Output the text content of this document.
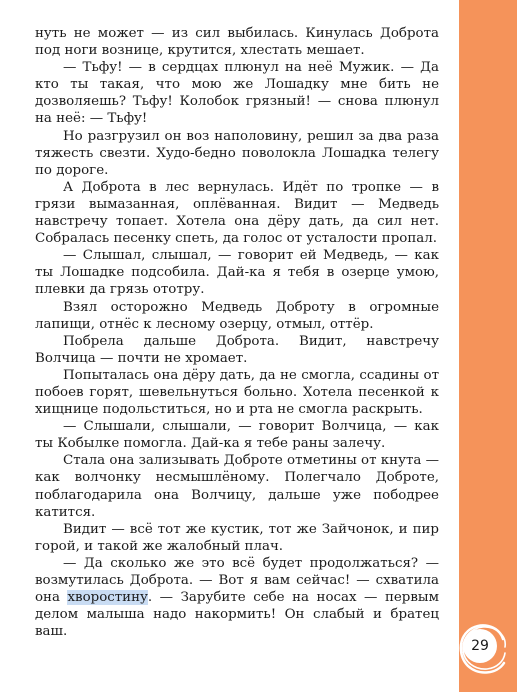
нуть не может — из сил выбилась. Кинулась Доброта под ноги вознице, крутится, хлестать мешает.

— Тьфу! — в сердцах плюнул на неё Мужик. — Да кто ты такая, что мою же Лошадку мне бить не дозволяешь? Тьфу! Колобок грязный! — снова плюнул на неё: — Тьфу!

Но разгрузил он воз наполовину, решил за два раза тяжесть свезти. Худо-бедно поволокла Лошадка телегу по дороге.

А Доброта в лес вернулась. Идёт по тропке — в грязи вымазанная, оплёванная. Видит — Медведь навстречу топает. Хотела она дёру дать, да сил нет. Собралась песенку спеть, да голос от усталости пропал.

— Слышал, слышал, — говорит ей Медведь, — как ты Лошадке подсобила. Дай-ка я тебя в озерце умою, плевки да грязь ототру.

Взял осторожно Медведь Доброту в огромные лапищи, отнёс к лесному озерцу, отмыл, оттёр.

Побрела дальше Доброта. Видит, навстречу Волчица — почти не хромает.

Попыталась она дёру дать, да не смогла, ссадины от побоев горят, шевельнуться больно. Хотела песенкой к хищнице подольститься, но и рта не смогла раскрыть.

— Слышали, слышали, — говорит Волчица, — как ты Кобылке помогла. Дай-ка я тебе раны залечу.

Стала она зализывать Доброте отметины от кнута — как волчонку несмышлёному. Полегчало Доброте, поблагодарила она Волчицу, дальше уже пободрее катится.

Видит — всё тот же кустик, тот же Зайчонок, и пир горой, и такой же жалобный плач.

— Да сколько же это всё будет продолжаться? — возмутилась Доброта. — Вот я вам сейчас! — схватила она хворостину. — Зарубите себе на носах — первым делом малыша надо накормить! Он слабый и братец ваш.

29
